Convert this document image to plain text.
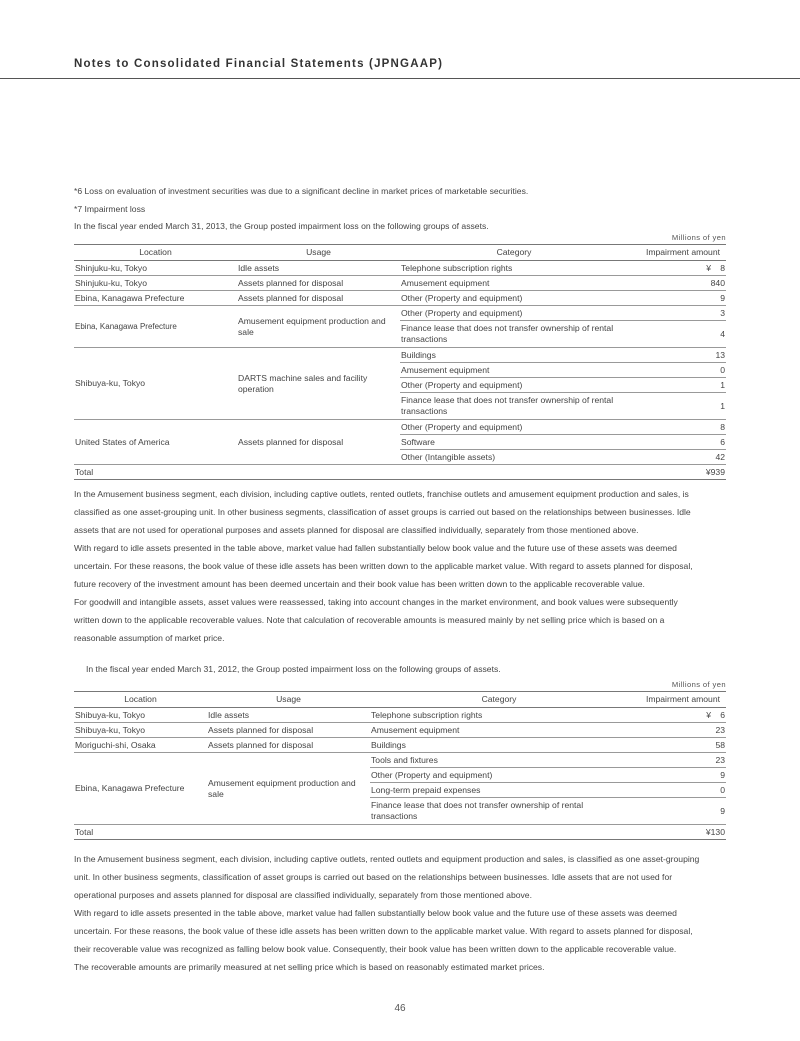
Notes to Consolidated Financial Statements (JPNGAAP)
*6 Loss on evaluation of investment securities was due to a significant decline in market prices of marketable securities.
*7 Impairment loss
In the fiscal year ended March 31, 2013, the Group posted impairment loss on the following groups of assets.
Millions of yen
Location	Usage	Category	Impairment amount
Shinjuku-ku, Tokyo	Idle assets	Telephone subscription rights	¥ 8
Shinjuku-ku, Tokyo	Assets planned for disposal	Amusement equipment	840
Ebina, Kanagawa Prefecture	Assets planned for disposal	Other (Property and equipment)	9
Ebina, Kanagawa Prefecture	Amusement equipment production and sale	Other (Property and equipment)	3
		Finance lease that does not transfer ownership of rental transactions	4
Shibuya-ku, Tokyo	DARTS machine sales and facility operation	Buildings	13
		Amusement equipment	0
		Other (Property and equipment)	1
		Finance lease that does not transfer ownership of rental transactions	1
United States of America	Assets planned for disposal	Other (Property and equipment)	8
		Software	6
		Other (Intangible assets)	42
Total			¥939

In the Amusement business segment, each division, including captive outlets, rented outlets, franchise outlets and amusement equipment production and sales, is

classified as one asset-grouping unit. In other business segments, classification of asset groups is carried out based on the relationships between businesses. Idle

assets that are not used for operational purposes and assets planned for disposal are classified individually, separately from those mentioned above.

With regard to idle assets presented in the table above, market value had fallen substantially below book value and the future use of these assets was deemed

uncertain. For these reasons, the book value of these idle assets has been written down to the applicable market value. With regard to assets planned for disposal,

future recovery of the investment amount has been deemed uncertain and their book value has been written down to the applicable recoverable value.

For goodwill and intangible assets, asset values were reassessed, taking into account changes in the market environment, and book values were subsequently

written down to the applicable recoverable values. Note that calculation of recoverable amounts is measured mainly by net selling price which is based on a

reasonable assumption of market price.

In the fiscal year ended March 31, 2012, the Group posted impairment loss on the following groups of assets.
Millions of yen
Location	Usage	Category	Impairment amount
Shibuya-ku, Tokyo	Idle assets	Telephone subscription rights	¥ 6
Shibuya-ku, Tokyo	Assets planned for disposal	Amusement equipment	23
Moriguchi-shi, Osaka	Assets planned for disposal	Buildings	58
Ebina, Kanagawa Prefecture	Amusement equipment production and sale	Tools and fixtures	23
		Other (Property and equipment)	9
		Long-term prepaid expenses	0
		Finance lease that does not transfer ownership of rental transactions	9
Total			¥130

In the Amusement business segment, each division, including captive outlets, rented outlets and equipment production and sales, is classified as one asset-grouping

unit. In other business segments, classification of asset groups is carried out based on the relationships between businesses. Idle assets that are not used for

operational purposes and assets planned for disposal are classified individually, separately from those mentioned above.

With regard to idle assets presented in the table above, market value had fallen substantially below book value and the future use of these assets was deemed

uncertain. For these reasons, the book value of these idle assets has been written down to the applicable market value. With regard to assets planned for disposal,

their recoverable value was recognized as falling below book value. Consequently, their book value has been written down to the applicable recoverable value.

The recoverable amounts are primarily measured at net selling price which is based on reasonably estimated market prices.

46
